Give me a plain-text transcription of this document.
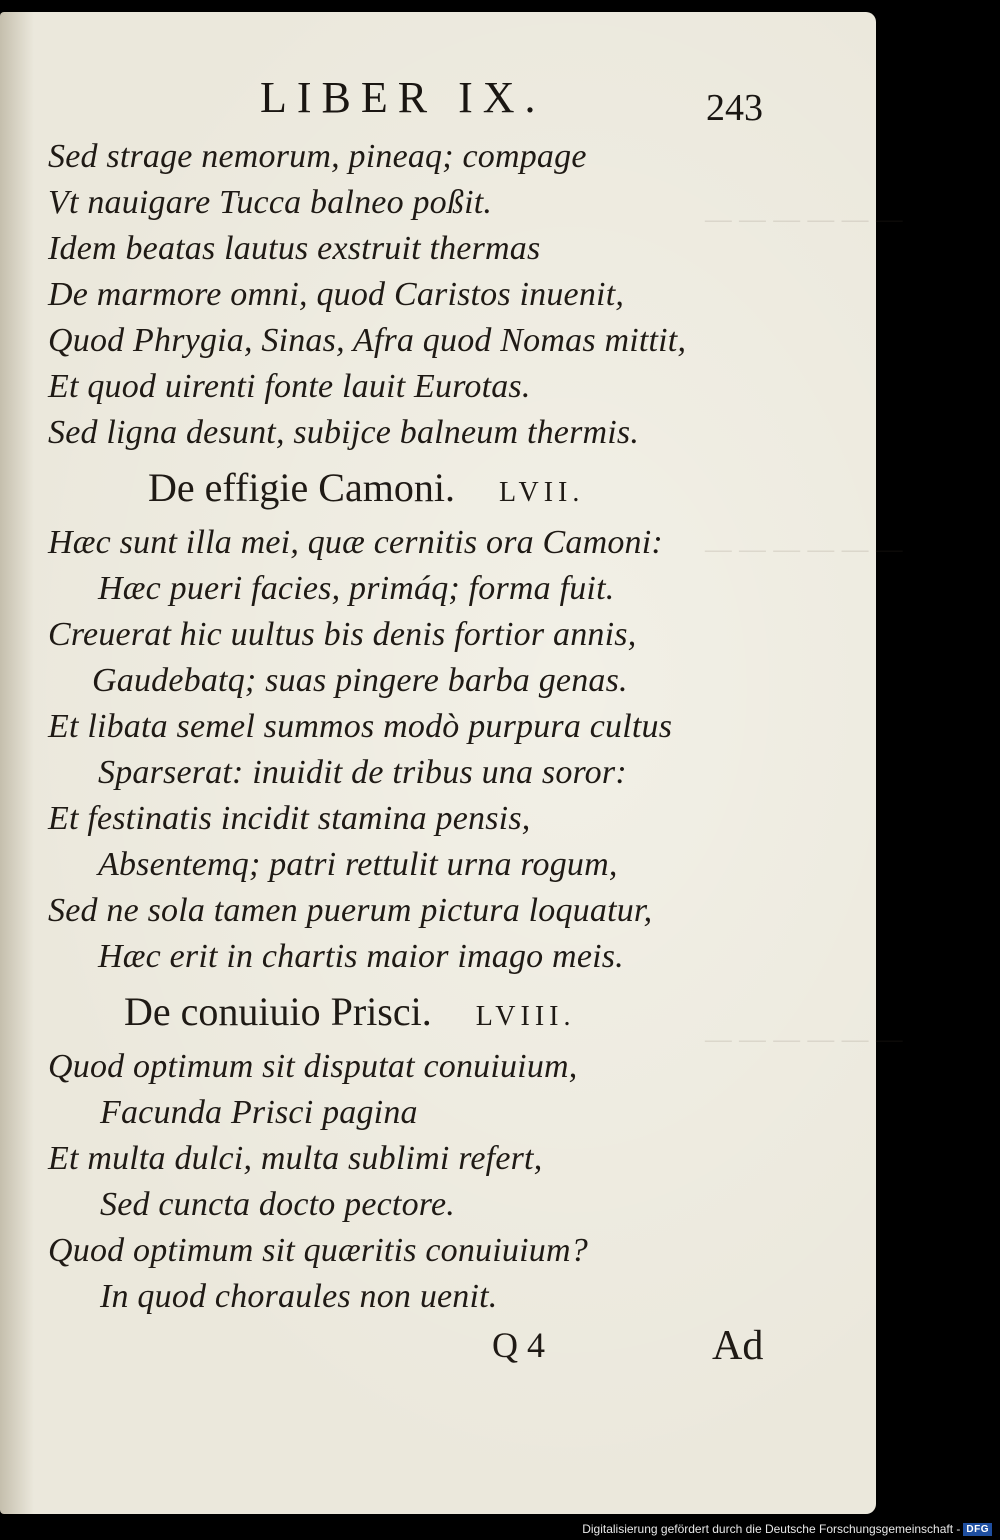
— — — — — —
— — — — — —
— — — — — —
LIBER IX.	243
Sed strage nemorum, pineaq; compage
Vt nauigare Tucca balneo poßit.
Idem beatas lautus exstruit thermas
De marmore omni, quod Caristos inuenit,
Quod Phrygia, Sinas, Afra quod Nomas mittit,
Et quod uirenti fonte lauit Eurotas.
Sed ligna desunt, subijce balneum thermis.
De effigie Camoni. LVII.
Hæc sunt illa mei, quæ cernitis ora Camoni:
Hæc pueri facies, primáq; forma fuit.
Creuerat hic uultus bis denis fortior annis,
Gaudebatq; suas pingere barba genas.
Et libata semel summos modò purpura cultus
Sparserat: inuidit de tribus una soror:
Et festinatis incidit stamina pensis,
Absentemq; patri rettulit urna rogum,
Sed ne sola tamen puerum pictura loquatur,
Hæc erit in chartis maior imago meis.
De conuiuio Prisci. LVIII.
Quod optimum sit disputat conuiuium,
Facunda Prisci pagina
Et multa dulci, multa sublimi refert,
Sed cuncta docto pectore.
Quod optimum sit quæritis conuiuium?
In quod choraules non uenit.
Q 4	Ad
Digitalisierung gefördert durch die Deutsche Forschungsgemeinschaft - DFG
